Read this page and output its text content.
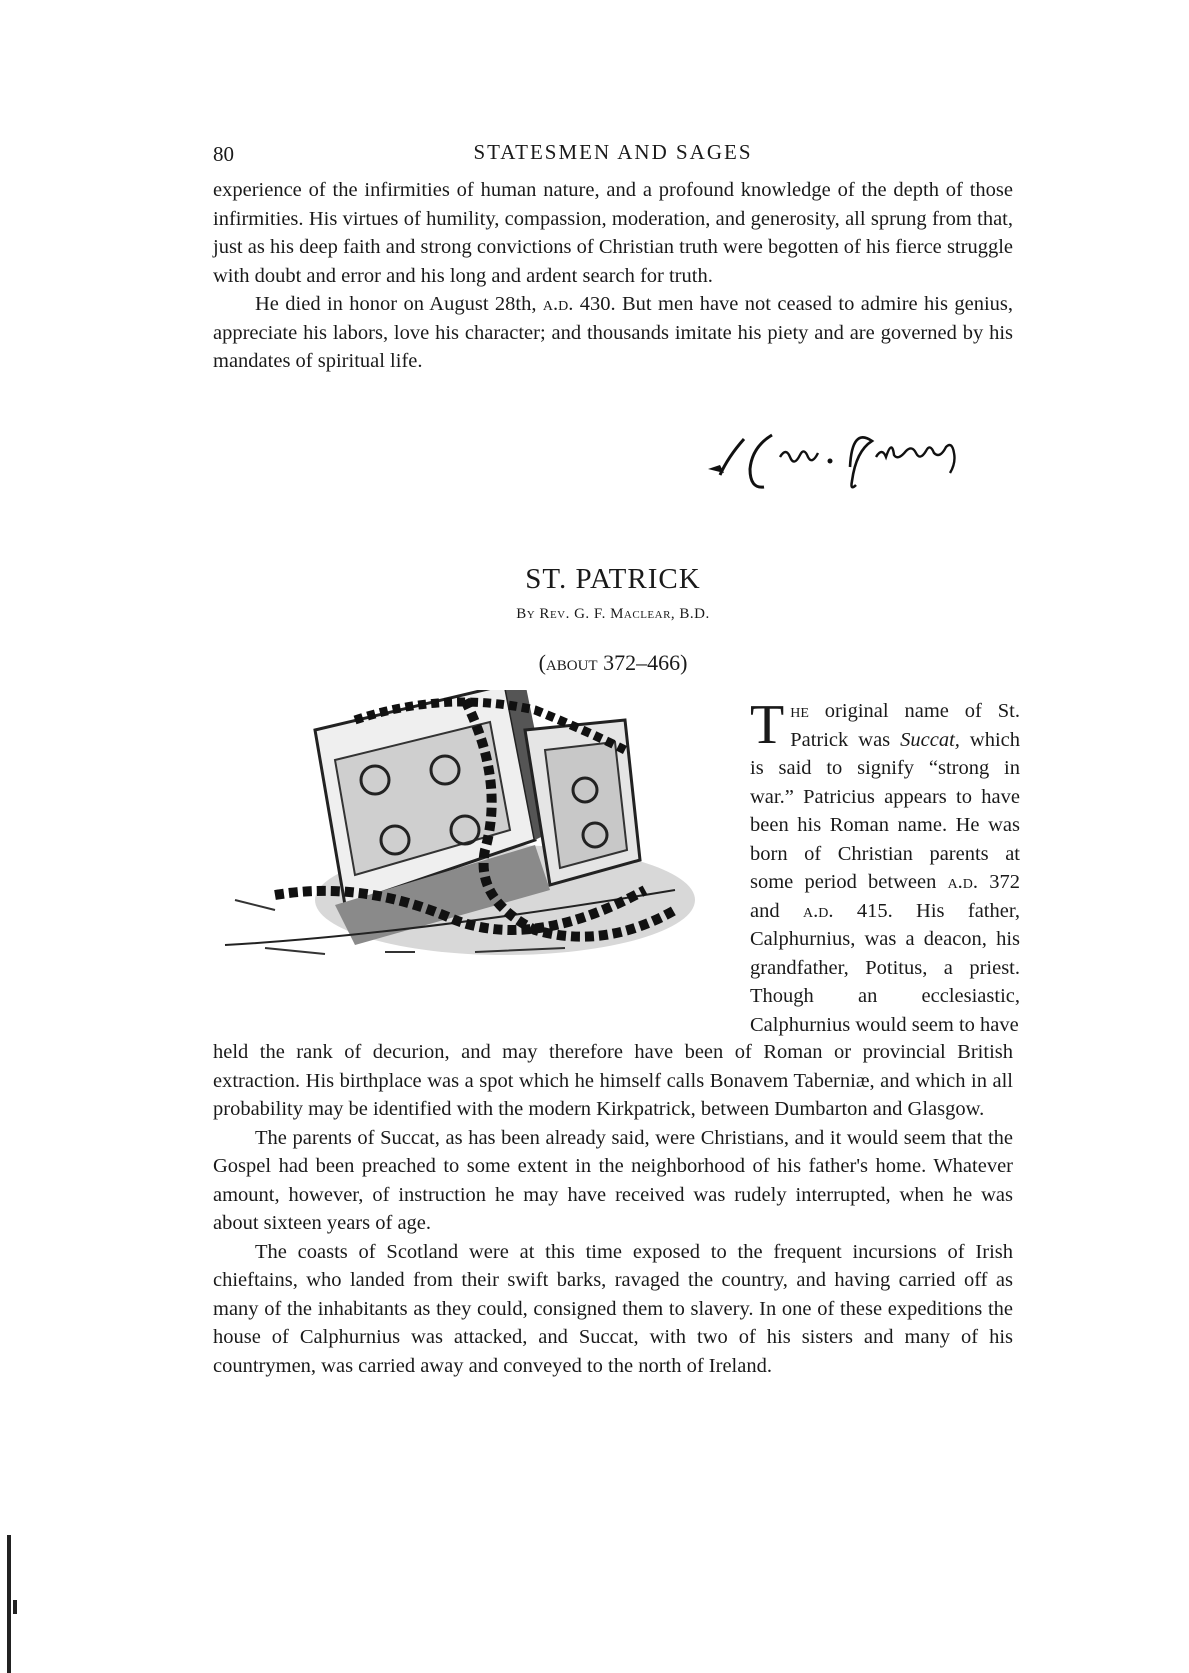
80	STATESMEN AND SAGES

experience of the infirmities of human nature, and a profound knowledge of the depth of those infirmities. His virtues of humility, compassion, moderation, and generosity, all sprung from that, just as his deep faith and strong convictions of Christian truth were begotten of his fierce struggle with doubt and error and his long and ardent search for truth.

He died in honor on August 28th, a.d. 430. But men have not ceased to admire his genius, appreciate his labors, love his character; and thousands imitate his piety and are governed by his mandates of spiritual life.

ST. PATRICK
By Rev. G. F. Maclear, B.D.
(about 372–466)
The original name of St. Patrick was Succat, which is said to signify “strong in war.” Patricius appears to have been his Roman name. He was born of Christian parents at some period between a.d. 372 and a.d. 415. His father, Calphurnius, was a deacon, his grandfather, Potitus, a priest. Though an ecclesiastic, Calphurnius would seem to have

held the rank of decurion, and may therefore have been of Roman or provincial British extraction. His birthplace was a spot which he himself calls Bonavem Taberniæ, and which in all probability may be identified with the modern Kirkpatrick, between Dumbarton and Glasgow.

The parents of Succat, as has been already said, were Christians, and it would seem that the Gospel had been preached to some extent in the neighborhood of his father's home. Whatever amount, however, of instruction he may have received was rudely interrupted, when he was about sixteen years of age.

The coasts of Scotland were at this time exposed to the frequent incursions of Irish chieftains, who landed from their swift barks, ravaged the country, and having carried off as many of the inhabitants as they could, consigned them to slavery. In one of these expeditions the house of Calphurnius was attacked, and Succat, with two of his sisters and many of his countrymen, was carried away and conveyed to the north of Ireland.
